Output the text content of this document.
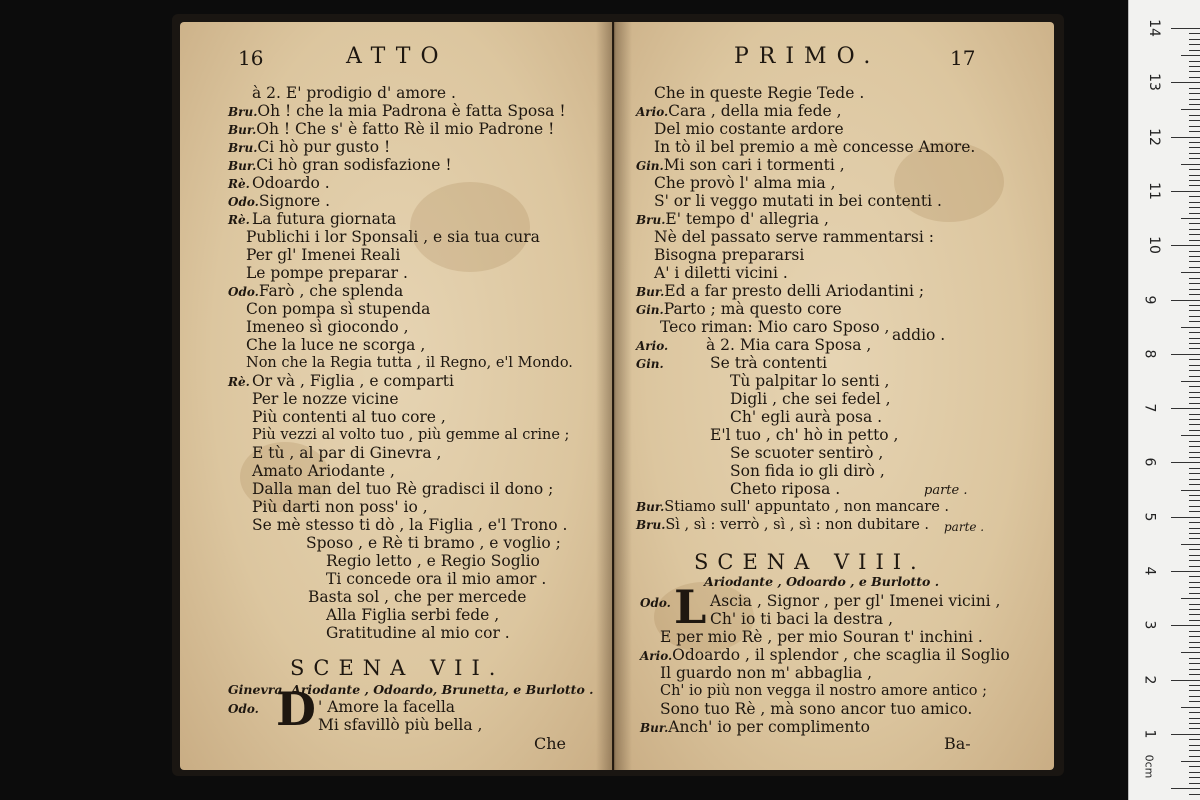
16	ATTO
à 2. E' prodigio d' amore .
Bru.Oh ! che la mia Padrona è fatta Sposa !
Bur.Oh ! Che s' è fatto Rè il mio Padrone !
Bru.Ci hò pur gusto !
Bur.Ci hò gran sodisfazione !
Rè. Odoardo .
Odo.Signore .
Rè. La futura giornata
Publichi i lor Sponsali , e sia tua cura
Per gl' Imenei Reali
Le pompe preparar .
Odo.Farò , che splenda
Con pompa sì stupenda
Imeneo sì giocondo ,
Che la luce ne scorga ,
Non che la Regia tutta , il Regno, e'l Mondo.
Rè. Or và , Figlia , e comparti
Per le nozze vicine
Più contenti al tuo core ,
Più vezzi al volto tuo , più gemme al crine ;
E tù , al par di Ginevra ,
Amato Ariodante ,
Dalla man del tuo Rè gradisci il dono ;
Più darti non poss' io ,
Se mè stesso ti dò , la Figlia , e'l Trono .
Sposo , e Rè ti bramo , e voglio ;
Regio letto , e Regio Soglio
Ti concede ora il mio amor .
Basta sol , che per mercede
Alla Figlia serbi fede ,
Gratitudine al mio cor .
SCENA VII.
Ginevra, Ariodante , Odoardo, Brunetta, e Burlotto .
Odo. D ' Amore la facella
Mi sfavillò più bella ,
Che
PRIMO.	17
Che in queste Regie Tede .
Ario.Cara , della mia fede ,
Del mio costante ardore
In tò il bel premio a mè concesse Amore.
Gin.Mi son cari i tormenti ,
Che provò l' alma mia ,
S' or li veggo mutati in bei contenti .
Bru.E' tempo d' allegria ,
Nè del passato serve rammentarsi :
Bisogna prepararsi
A' i diletti vicini .
Bur.Ed a far presto delli Ariodantini ;
Gin.Parto ; mà questo core
Teco riman: Mio caro Sposo , addio .
Ario. à 2. Mia cara Sposa ,
Gin.	Se trà contenti
Tù palpitar lo senti ,
Digli , che sei fedel ,
Ch' egli aurà posa .
E'l tuo , ch' hò in petto ,
Se scuoter sentirò ,
Son fida io gli dirò ,
Cheto riposa .	parte .
Bur.Stiamo sull' appuntato , non mancare .
Bru.Sì , sì : verrò , sì , sì : non dubitare . parte .
SCENA VIII.
Ariodante , Odoardo , e Burlotto .
Odo. L Ascia , Signor , per gl' Imenei vicini ,
Ch' io ti baci la destra ,
E per mio Rè , per mio Souran t' inchini .
Ario.Odoardo , il splendor , che scaglia il Soglio
Il guardo non m' abbaglia ,
Ch' io più non vegga il nostro amore antico ;
Sono tuo Rè , mà sono ancor tuo amico.
Bur.Anch' io per complimento
Ba-
0cm
14
13
12
11
10
9
8
7
6
5
4
3
2
1
